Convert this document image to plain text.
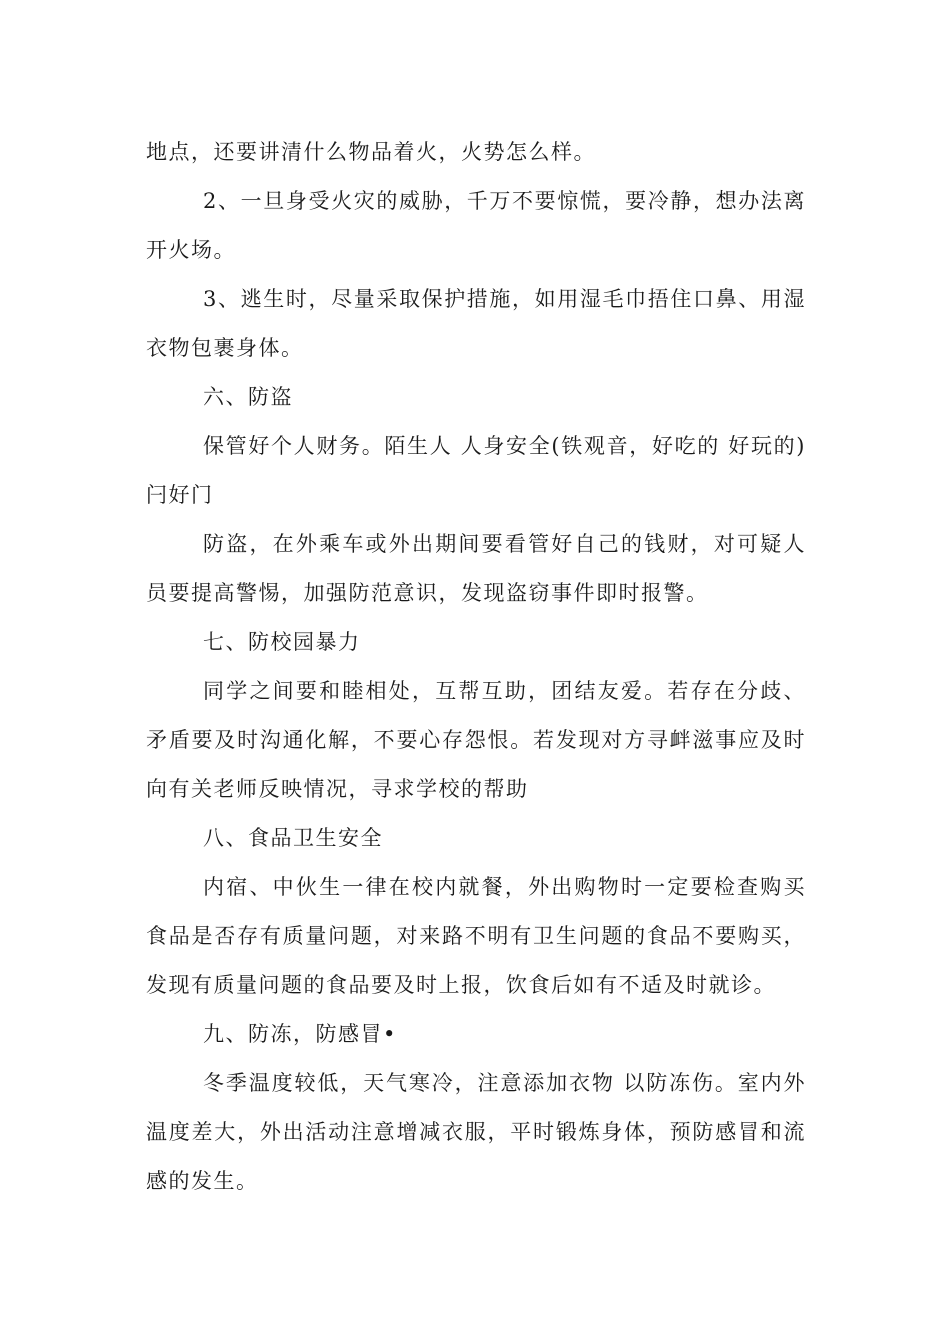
地点，还要讲清什么物品着火，火势怎么样。

2、一旦身受火灾的威胁，千万不要惊慌，要冷静，想办法离开火场。

3、逃生时，尽量采取保护措施，如用湿毛巾捂住口鼻、用湿衣物包裹身体。

六、防盗

保管好个人财务。陌生人 人身安全(铁观音，好吃的 好玩的)闩好门

防盗，在外乘车或外出期间要看管好自己的钱财，对可疑人员要提高警惕，加强防范意识，发现盗窃事件即时报警。

七、防校园暴力

同学之间要和睦相处，互帮互助，团结友爱。若存在分歧、矛盾要及时沟通化解，不要心存怨恨。若发现对方寻衅滋事应及时向有关老师反映情况，寻求学校的帮助

八、食品卫生安全

内宿、中伙生一律在校内就餐，外出购物时一定要检查购买食品是否存有质量问题，对来路不明有卫生问题的食品不要购买，发现有质量问题的食品要及时上报，饮食后如有不适及时就诊。

九、防冻，防感冒•

冬季温度较低，天气寒冷，注意添加衣物 以防冻伤。室内外温度差大，外出活动注意增减衣服，平时锻炼身体，预防感冒和流感的发生。
